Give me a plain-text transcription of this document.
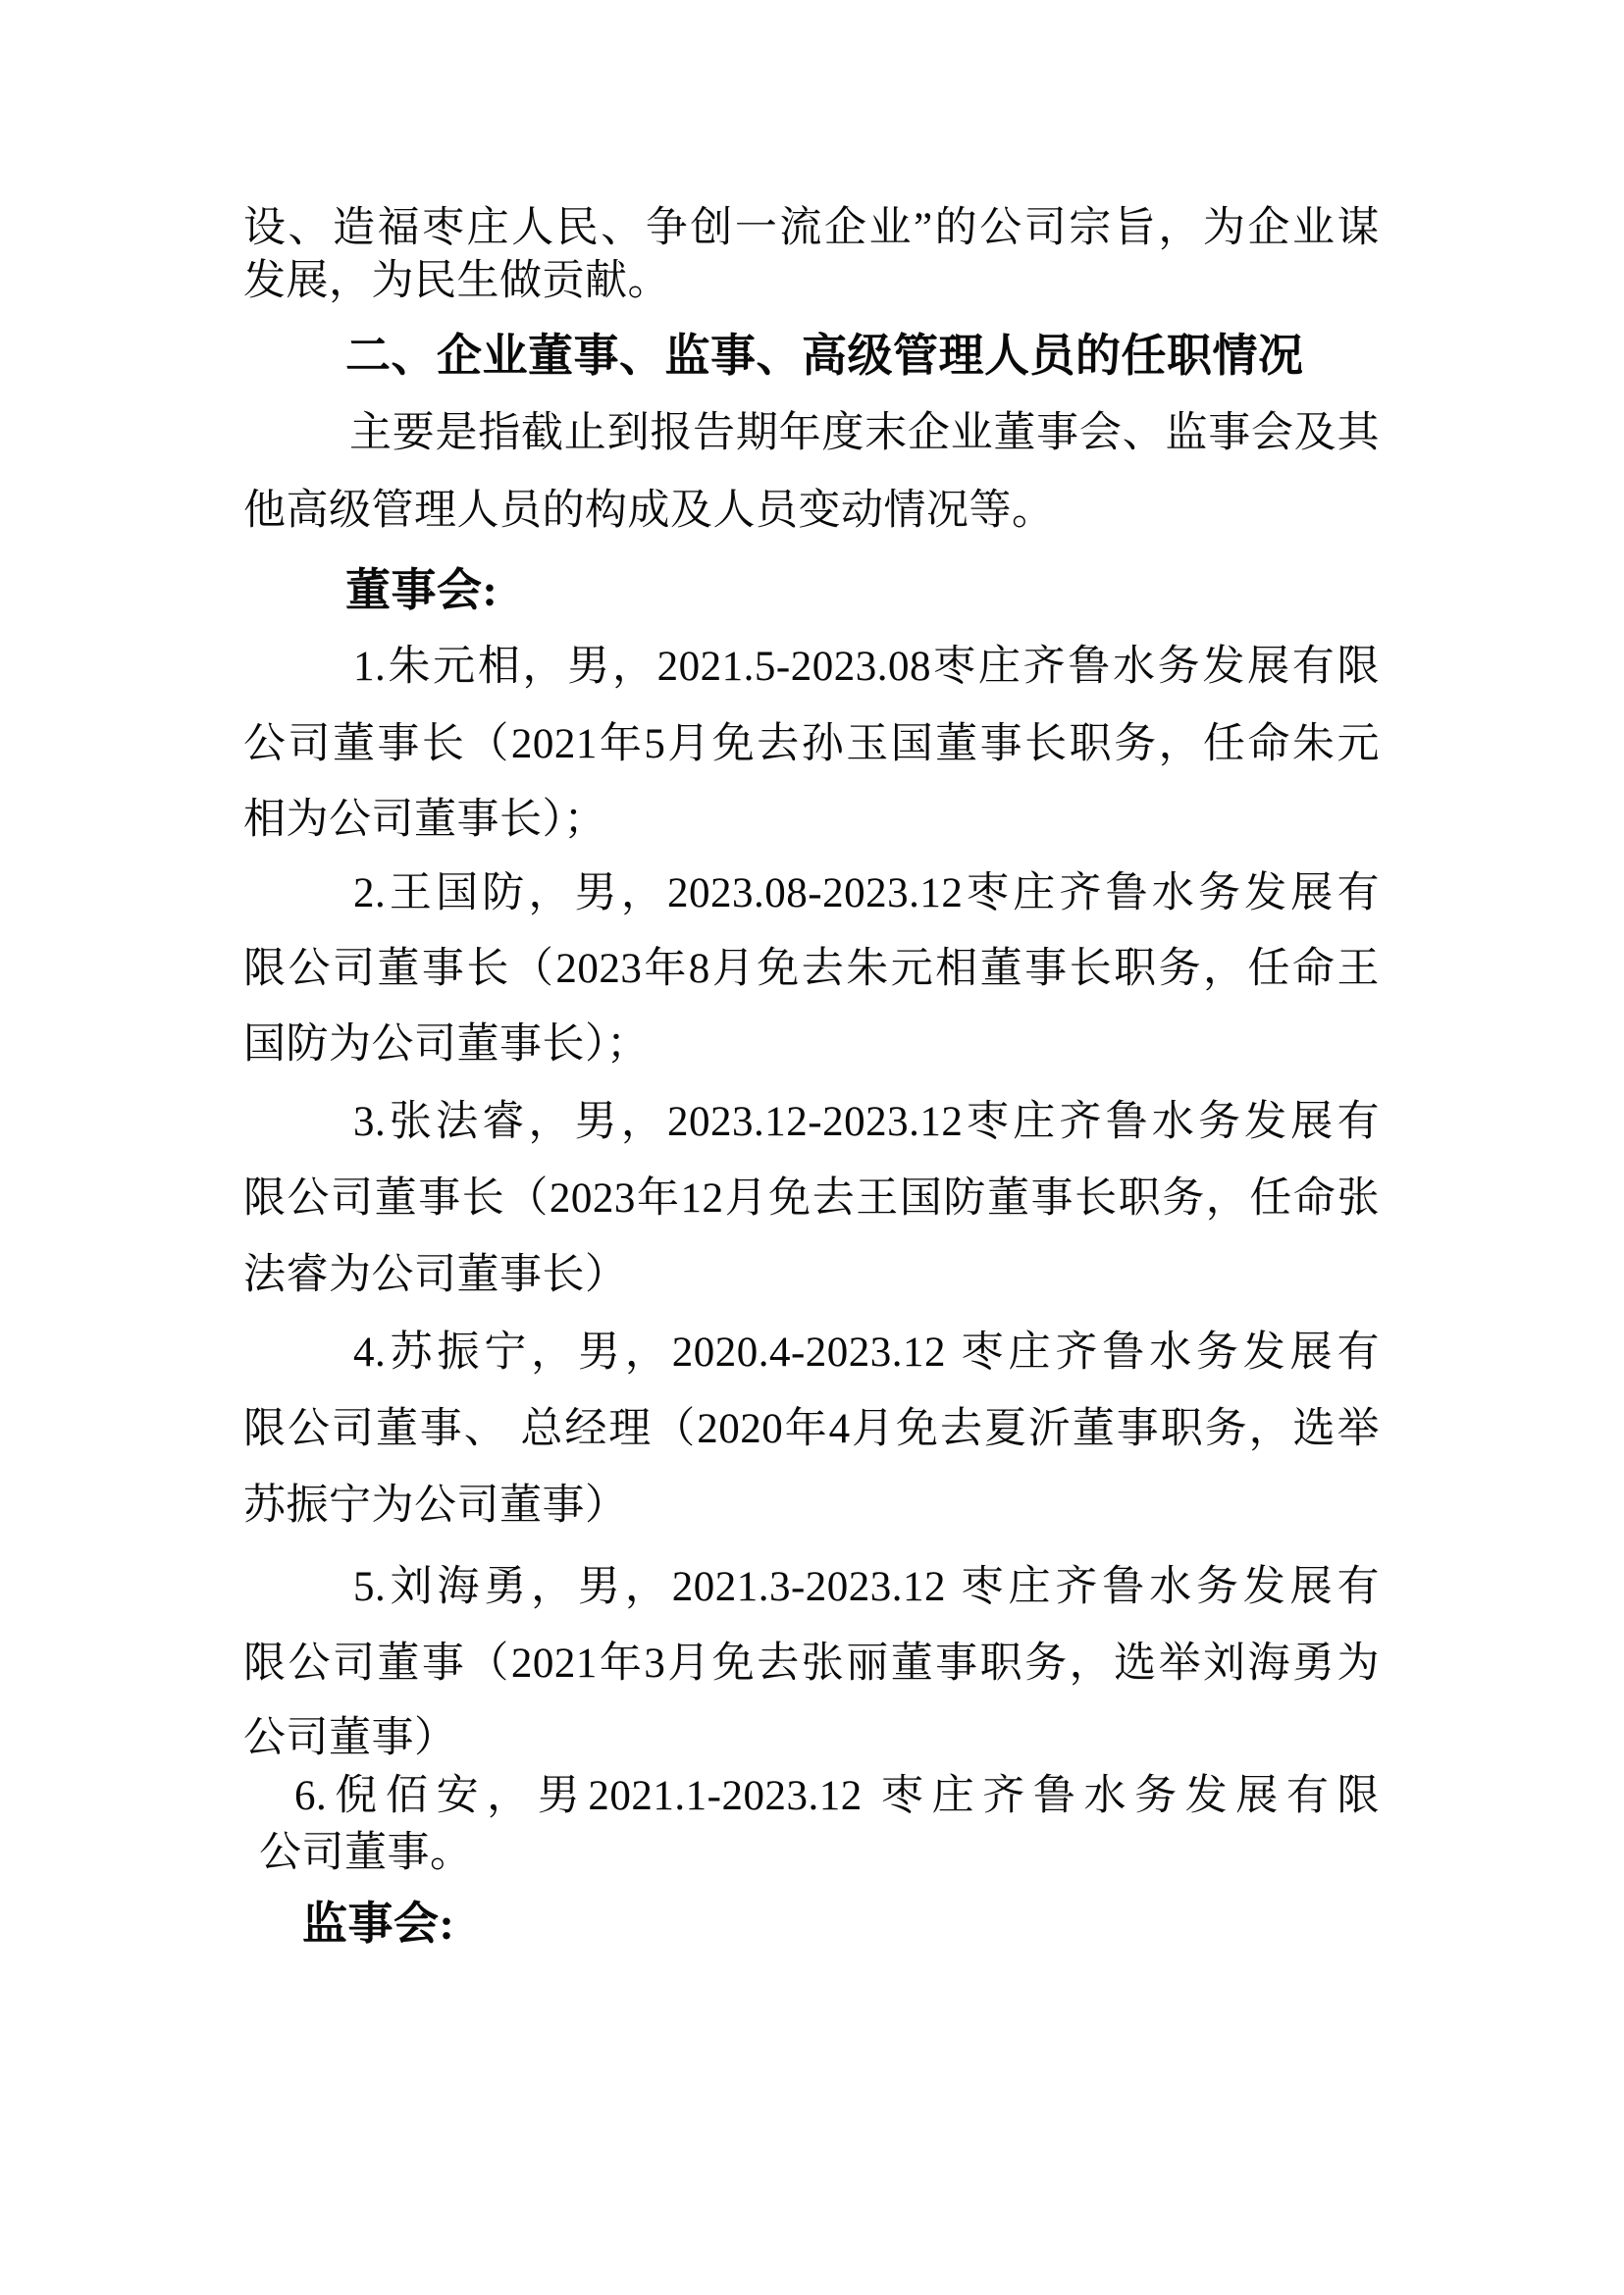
设、造福枣庄人民、争创一流企业”的公司宗旨，为企业谋
发展，为民生做贡献。
二、企业董事、监事、高级管理人员的任职情况
主要是指截止到报告期年度末企业董事会、监事会及其
他高级管理人员的构成及人员变动情况等。
董事会:
1.朱元相，男，2021.5-2023.08枣庄齐鲁水务发展有限
公司董事长（2021年5月免去孙玉国董事长职务，任命朱元
相为公司董事长）；
2.王国防，男，2023.08-2023.12枣庄齐鲁水务发展有
限公司董事长（2023年8月免去朱元相董事长职务，任命王
国防为公司董事长）；
3.张法睿，男，2023.12-2023.12枣庄齐鲁水务发展有
限公司董事长（2023年12月免去王国防董事长职务，任命张
法睿为公司董事长）
4.苏振宁，男，2020.4-2023.12 枣庄齐鲁水务发展有
限公司董事、 总经理（2020年4月免去夏沂董事职务，选举
苏振宁为公司董事）
5.刘海勇，男，2021.3-2023.12 枣庄齐鲁水务发展有
限公司董事（2021年3月免去张丽董事职务，选举刘海勇为
公司董事）
6.倪佰安，男2021.1-2023.12 枣庄齐鲁水务发展有限
公司董事。
监事会:
